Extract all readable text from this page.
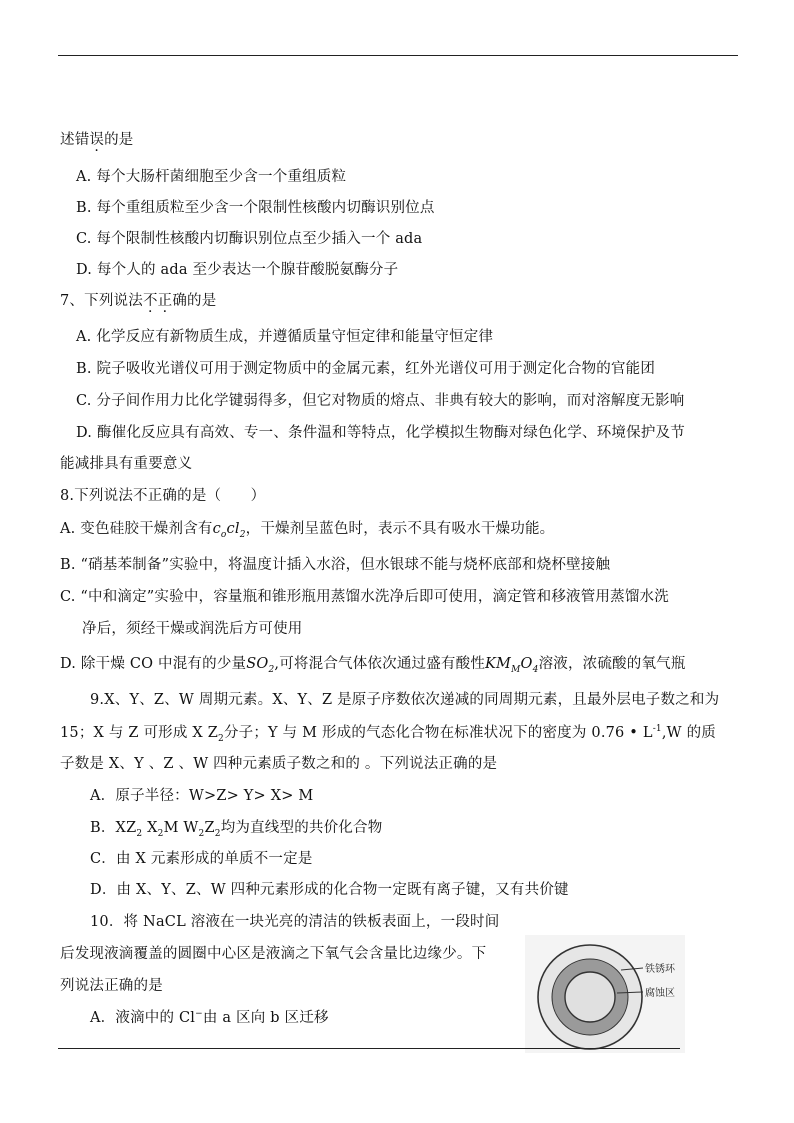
述错误的是
A. 每个大肠杆菌细胞至少含一个重组质粒
B. 每个重组质粒至少含一个限制性核酸内切酶识别位点
C. 每个限制性核酸内切酶识别位点至少插入一个 ada
D. 每个人的 ada 至少表达一个腺苷酸脱氨酶分子
7、下列说法不正确的是
A. 化学反应有新物质生成，并遵循质量守恒定律和能量守恒定律
B. 院子吸收光谱仪可用于测定物质中的金属元素，红外光谱仪可用于测定化合物的官能团
C. 分子间作用力比化学键弱得多，但它对物质的熔点、非典有较大的影响，而对溶解度无影响
D. 酶催化反应具有高效、专一、条件温和等特点，化学模拟生物酶对绿色化学、环境保护及节
能减排具有重要意义
8.下列说法不正确的是（　　）
A. 变色硅胶干燥剂含有$c_ocl_2$，干燥剂呈蓝色时，表示不具有吸水干燥功能。
B. “硝基苯制备”实验中，将温度计插入水浴，但水银球不能与烧杯底部和烧杯壁接触
C. “中和滴定”实验中，容量瓶和锥形瓶用蒸馏水洗净后即可使用，滴定管和移液管用蒸馏水洗
净后，须经干燥或润洗后方可使用
D. 除干燥 CO 中混有的少量$SO_2$,可将混合气体依次通过盛有酸性$KM_MO_4$溶液，浓硫酸的氧气瓶
9.X、Y、Z、W 周期元素。X、Y、Z 是原子序数依次递减的同周期元素，且最外层电子数之和为
15；X 与 Z 可形成 X $Z_2$分子；Y 与 M 形成的气态化合物在标准状况下的密度为 0.76 • $L^{-1},W$ 的质
子数是 X、Y 、Z 、W 四种元素质子数之和的 。下列说法正确的是
A．原子半径：W>Z> Y> X> M
B．$XZ_2$ $X_2M$ $W_2Z_2$均为直线型的共价化合物
C．由 X 元素形成的单质不一定是
D．由 X、Y、Z、W 四种元素形成的化合物一定既有离子键，又有共价键
10．将 NaCL 溶液在一块光亮的清洁的铁板表面上，一段时间
后发现液滴覆盖的圆圈中心区是液滴之下氧气会含量比边缘少。下
列说法正确的是
A．液滴中的 Cl−由 a 区向 b 区迁移
铁锈环
腐蚀区
